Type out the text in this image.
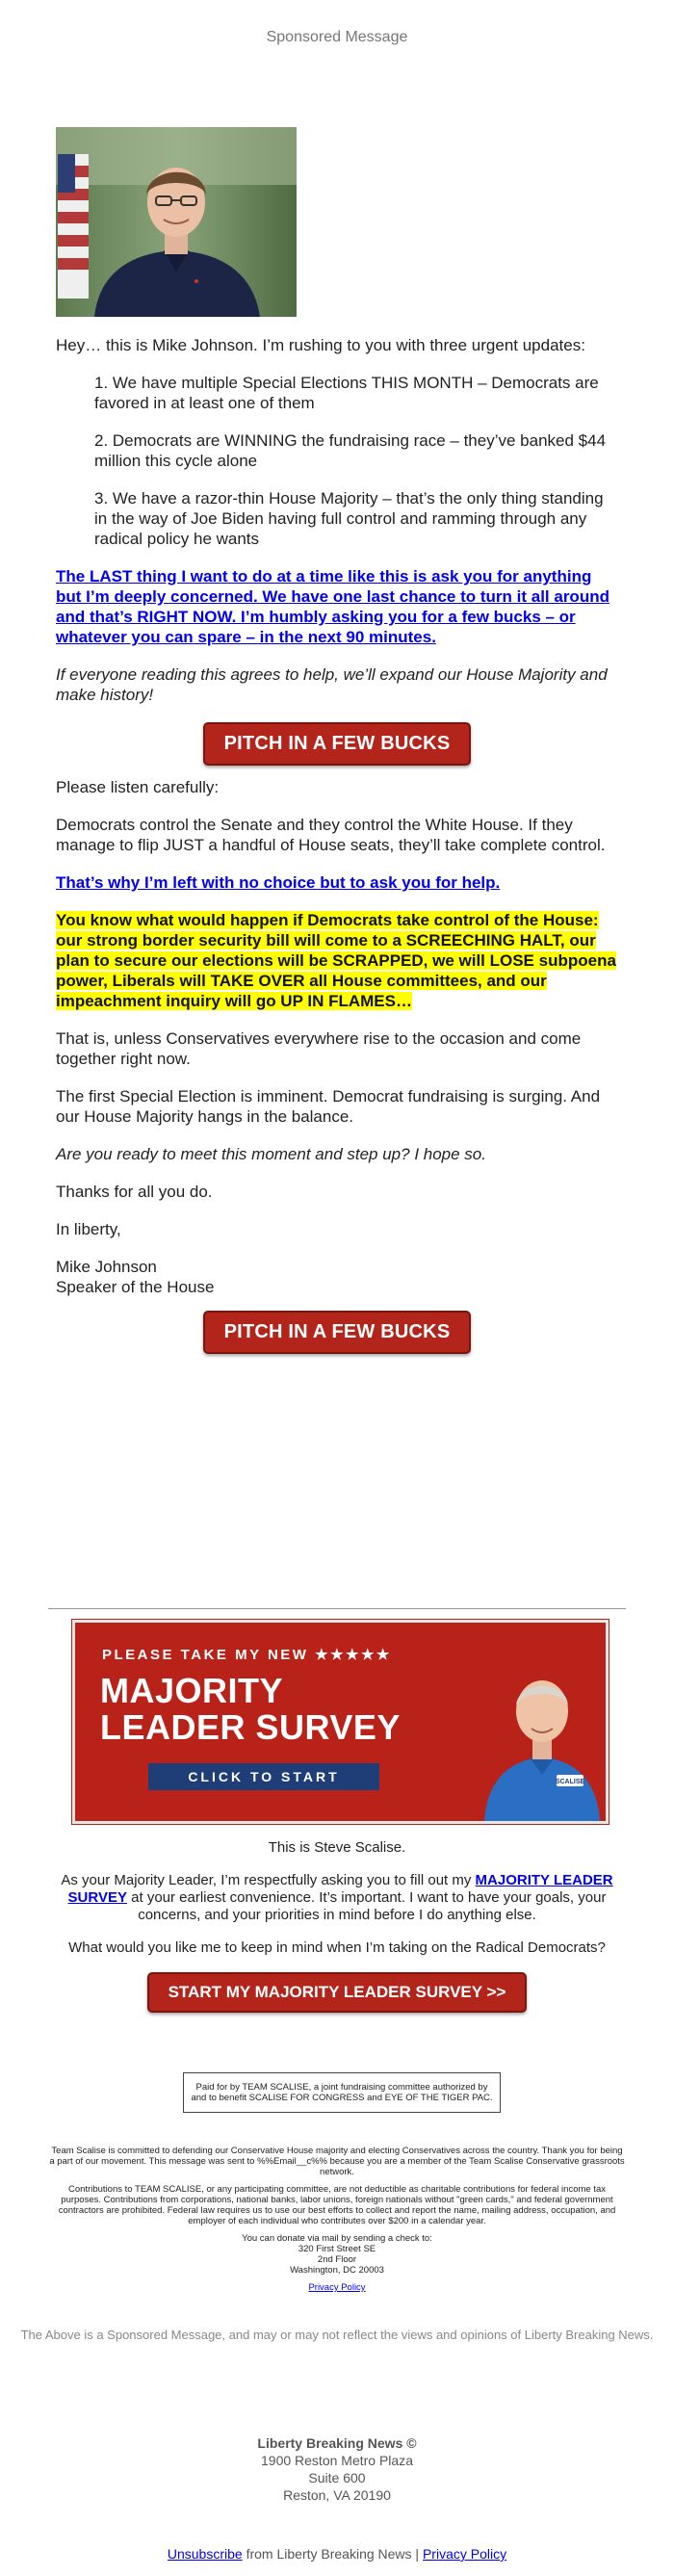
Sponsored Message

Hey… this is Mike Johnson. I’m rushing to you with three urgent updates:

1. We have multiple Special Elections THIS MONTH – Democrats are favored in at least one of them
2. Democrats are WINNING the fundraising race – they’ve banked $44 million this cycle alone
3. We have a razor-thin House Majority – that’s the only thing standing in the way of Joe Biden having full control and ramming through any radical policy he wants

The LAST thing I want to do at a time like this is ask you for anything but I’m deeply concerned. We have one last chance to turn it all around and that’s RIGHT NOW. I’m humbly asking you for a few bucks – or whatever you can spare – in the next 90 minutes.

If everyone reading this agrees to help, we’ll expand our House Majority and make history!

PITCH IN A FEW BUCKS

Please listen carefully:

Democrats control the Senate and they control the White House. If they manage to flip JUST a handful of House seats, they’ll take complete control.

That’s why I’m left with no choice but to ask you for help.

You know what would happen if Democrats take control of the House: our strong border security bill will come to a SCREECHING HALT, our plan to secure our elections will be SCRAPPED, we will LOSE subpoena power, Liberals will TAKE OVER all House committees, and our impeachment inquiry will go UP IN FLAMES…

That is, unless Conservatives everywhere rise to the occasion and come together right now.

The first Special Election is imminent. Democrat fundraising is surging. And our House Majority hangs in the balance.

Are you ready to meet this moment and step up? I hope so.

Thanks for all you do.

In liberty,

Mike Johnson
Speaker of the House

PITCH IN A FEW BUCKS
PLEASE TAKE MY NEW ★★★★★
MAJORITY
LEADER SURVEY
CLICK TO START	SCALISE

This is Steve Scalise.

As your Majority Leader, I’m respectfully asking you to fill out my MAJORITY LEADER SURVEY at your earliest convenience. It’s important. I want to have your goals, your concerns, and your priorities in mind before I do anything else.

What would you like me to keep in mind when I’m taking on the Radical Democrats?

START MY MAJORITY LEADER SURVEY >>
Paid for by TEAM SCALISE, a joint fundraising committee authorized by and to benefit SCALISE FOR CONGRESS and EYE OF THE TIGER PAC.

Team Scalise is committed to defending our Conservative House majority and electing Conservatives across the country. Thank you for being a part of our movement. This message was sent to %%Email__c%% because you are a member of the Team Scalise Conservative grassroots network.

Contributions to TEAM SCALISE, or any participating committee, are not deductible as charitable contributions for federal income tax purposes. Contributions from corporations, national banks, labor unions, foreign nationals without "green cards," and federal government contractors are prohibited. Federal law requires us to use our best efforts to collect and report the name, mailing address, occupation, and employer of each individual who contributes over $200 in a calendar year.

You can donate via mail by sending a check to:
320 First Street SE
2nd Floor
Washington, DC 20003

Privacy Policy

The Above is a Sponsored Message, and may or may not reflect the views and opinions of Liberty Breaking News.
Liberty Breaking News ©
1900 Reston Metro Plaza
Suite 600
Reston, VA 20190
Unsubscribe from Liberty Breaking News | Privacy Policy
